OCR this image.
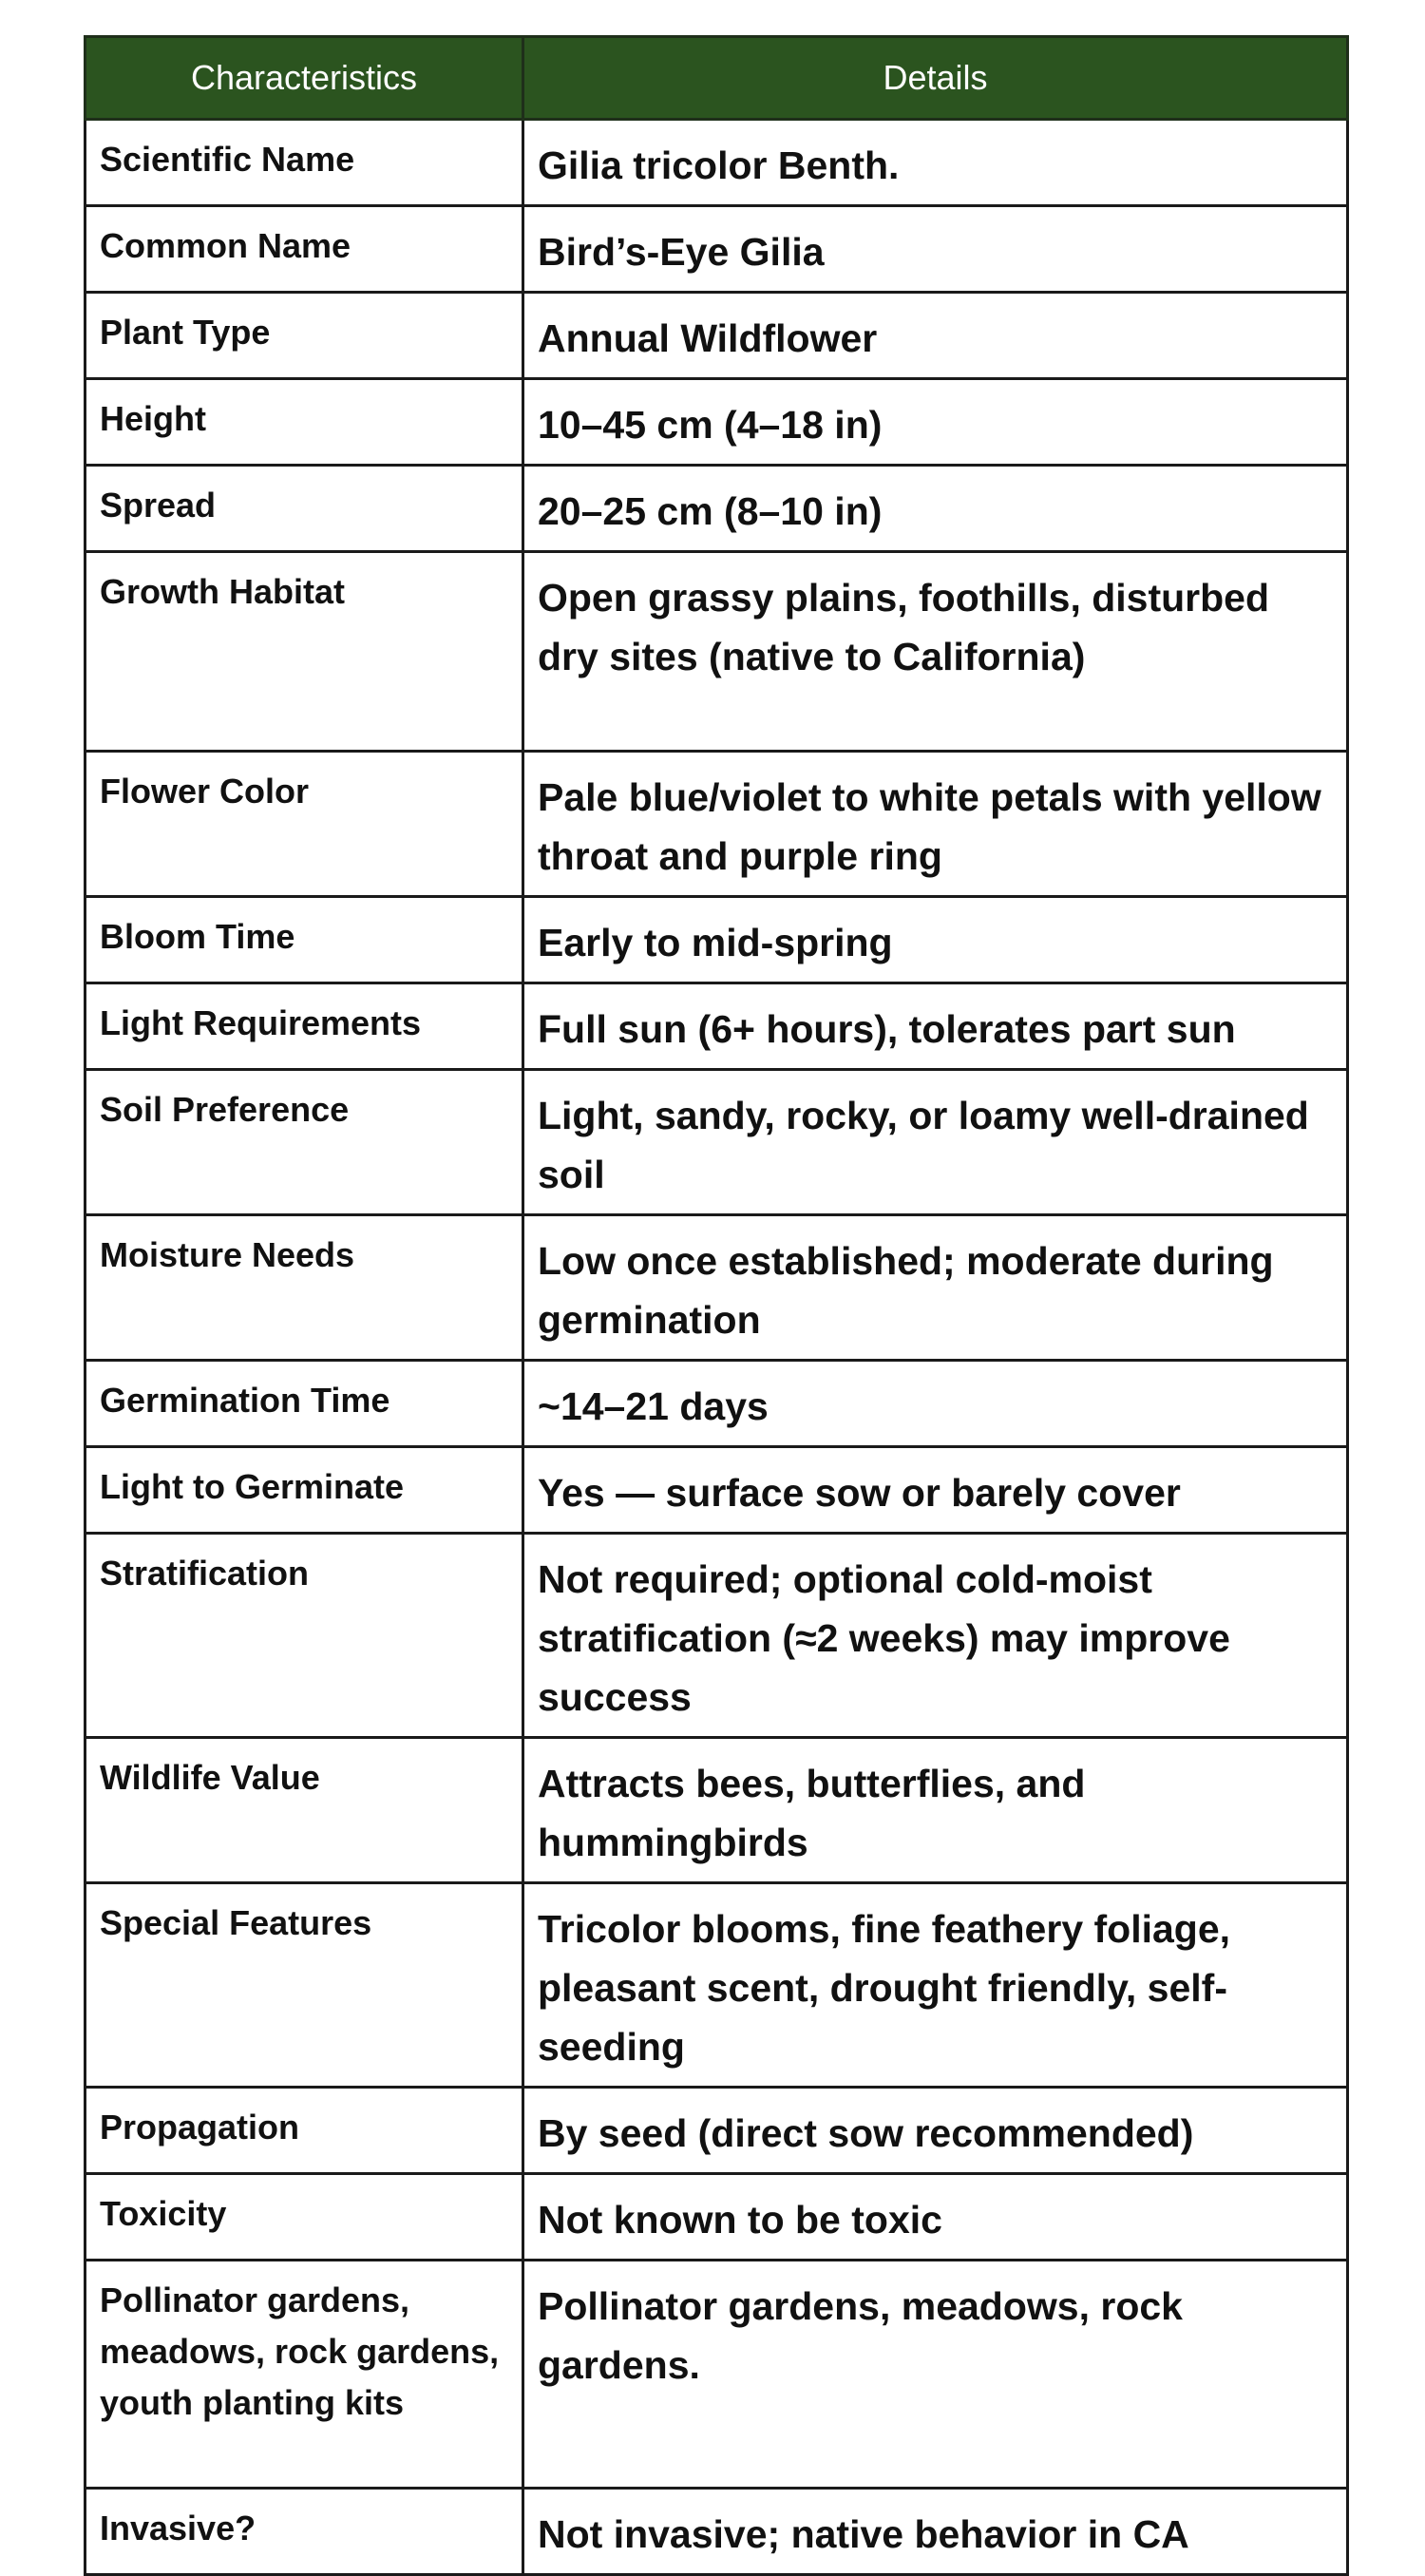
Characteristics	Details
Scientific Name	Gilia tricolor Benth.
Common Name	Bird’s-Eye Gilia
Plant Type	Annual Wildflower
Height	10–45 cm (4–18 in)
Spread	20–25 cm (8–10 in)
Growth Habitat	Open grassy plains, foothills, disturbed dry sites (native to California)
Flower Color	Pale blue/violet to white petals with yellow throat and purple ring
Bloom Time	Early to mid-spring
Light Requirements	Full sun (6+ hours), tolerates part sun
Soil Preference	Light, sandy, rocky, or loamy well-drained soil
Moisture Needs	Low once established; moderate during germination
Germination Time	~14–21 days
Light to Germinate	Yes — surface sow or barely cover
Stratification	Not required; optional cold-moist stratification (≈2 weeks) may improve success
Wildlife Value	Attracts bees, butterflies, and hummingbirds
Special Features	Tricolor blooms, fine feathery foliage, pleasant scent, drought friendly, self-seeding
Propagation	By seed (direct sow recommended)
Toxicity	Not known to be toxic
Pollinator gardens, meadows, rock gardens, youth planting kits	Pollinator gardens, meadows, rock gardens.
Invasive?	Not invasive; native behavior in CA
